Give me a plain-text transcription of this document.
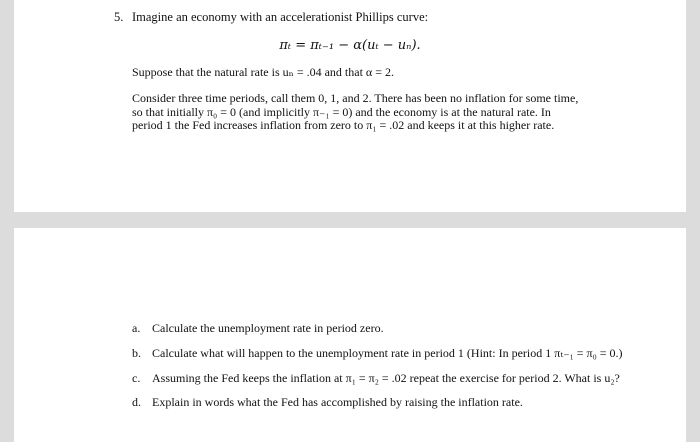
5. Imagine an economy with an accelerationist Phillips curve:
πₜ = πₜ₋₁ − α(uₜ − uₙ).
Suppose that the natural rate is uₙ = .04 and that α = 2.
Consider three time periods, call them 0, 1, and 2. There has been no inflation for some time, so that initially π₀ = 0 (and implicitly π₋₁ = 0) and the economy is at the natural rate. In period 1 the Fed increases inflation from zero to π₁ = .02 and keeps it at this higher rate.
a. Calculate the unemployment rate in period zero.
b. Calculate what will happen to the unemployment rate in period 1 (Hint: In period 1 πₜ₋₁ = π₀ = 0.)
c. Assuming the Fed keeps the inflation at π₁ = π₂ = .02 repeat the exercise for period 2. What is u₂?
d. Explain in words what the Fed has accomplished by raising the inflation rate.
